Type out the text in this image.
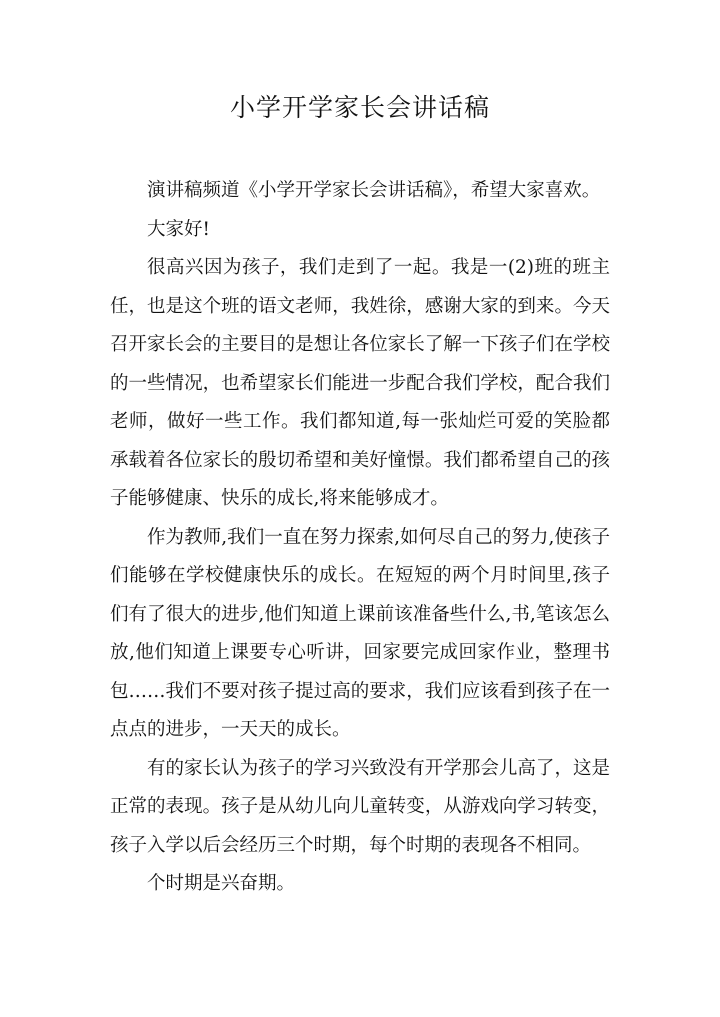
小学开学家长会讲话稿

演讲稿频道《小学开学家长会讲话稿》，希望大家喜欢。

大家好!

很高兴因为孩子，我们走到了一起。我是一(2)班的班主任，也是这个班的语文老师，我姓徐，感谢大家的到来。今天召开家长会的主要目的是想让各位家长了解一下孩子们在学校的一些情况，也希望家长们能进一步配合我们学校，配合我们老师，做好一些工作。我们都知道,每一张灿烂可爱的笑脸都承载着各位家长的殷切希望和美好憧憬。我们都希望自己的孩子能够健康、快乐的成长,将来能够成才。

作为教师,我们一直在努力探索,如何尽自己的努力,使孩子们能够在学校健康快乐的成长。在短短的两个月时间里,孩子们有了很大的进步,他们知道上课前该准备些什么,书,笔该怎么放,他们知道上课要专心听讲，回家要完成回家作业，整理书包……我们不要对孩子提过高的要求，我们应该看到孩子在一点点的进步，一天天的成长。

有的家长认为孩子的学习兴致没有开学那会儿高了，这是正常的表现。孩子是从幼儿向儿童转变，从游戏向学习转变，孩子入学以后会经历三个时期，每个时期的表现各不相同。

个时期是兴奋期。
